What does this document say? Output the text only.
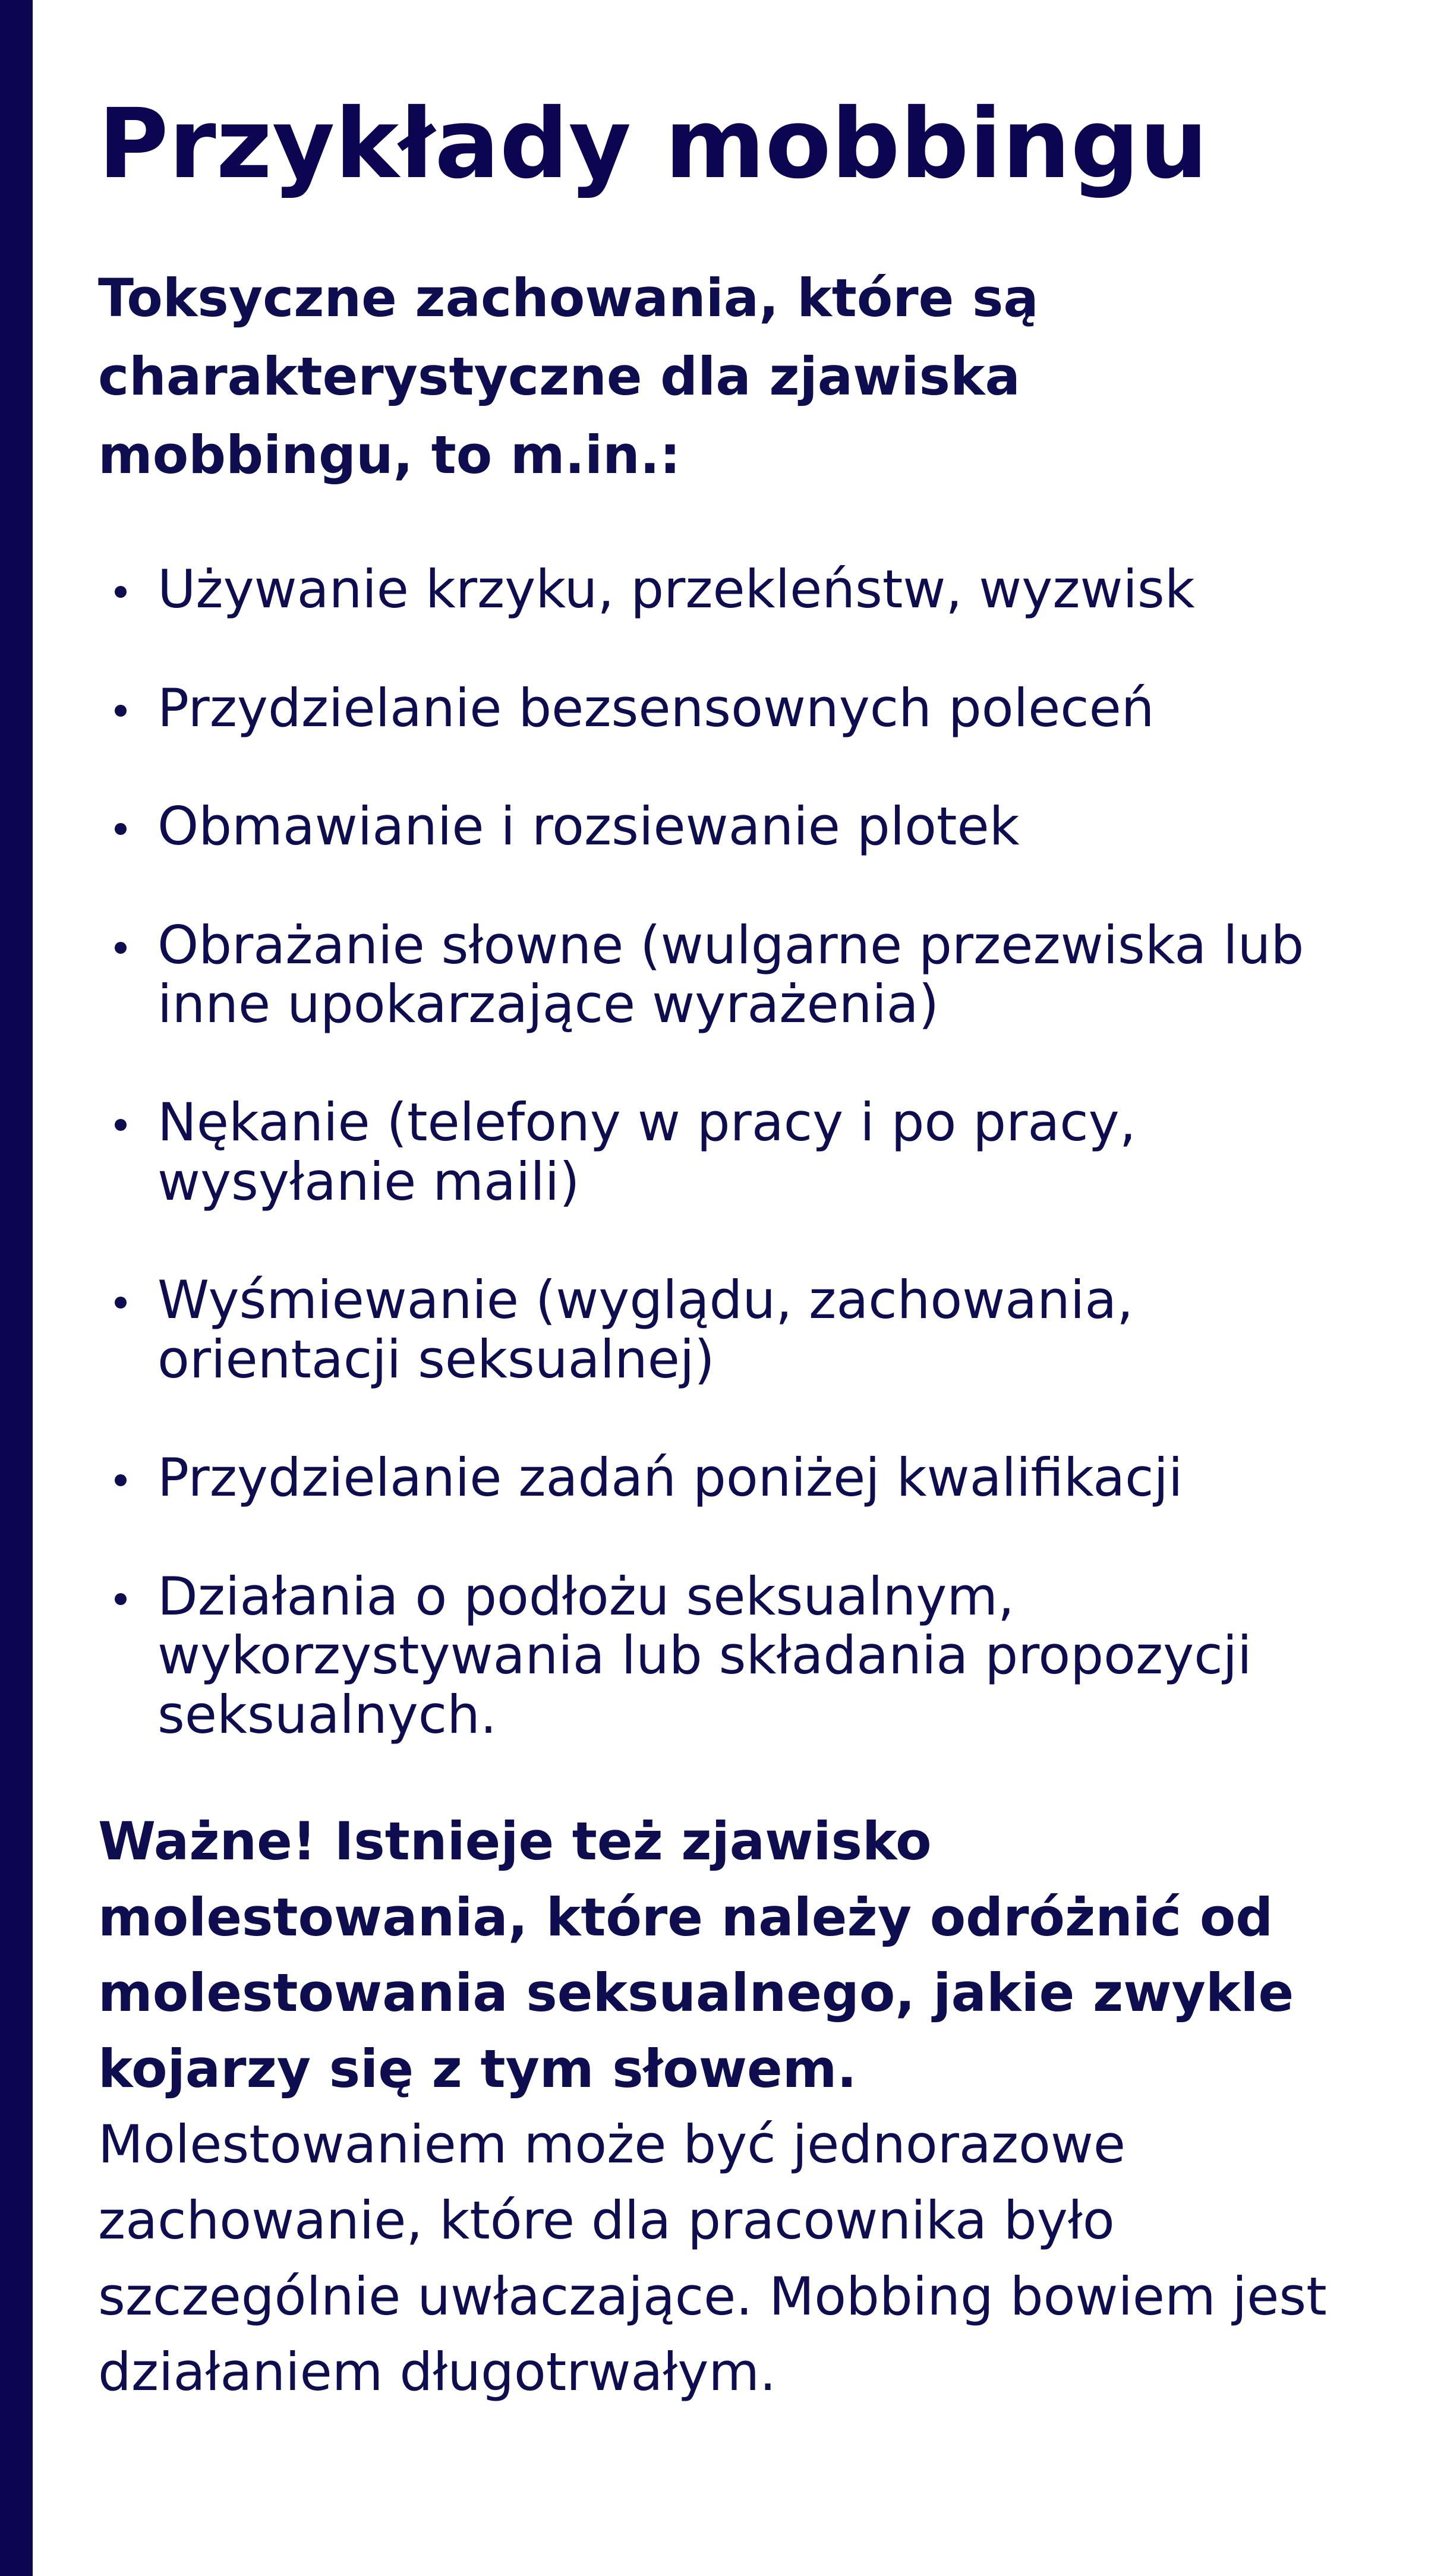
Przykłady mobbingu

Toksyczne zachowania, które są charakterystyczne dla zjawiska mobbingu, to m.in.:

Używanie krzyku, przekleństw, wyzwisk
Przydzielanie bezsensownych poleceń
Obmawianie i rozsiewanie plotek
Obrażanie słowne (wulgarne przezwiska lub inne upokarzające wyrażenia)
Nękanie (telefony w pracy i po pracy, wysyłanie maili)
Wyśmiewanie (wyglądu, zachowania, orientacji seksualnej)
Przydzielanie zadań poniżej kwalifikacji
Działania o podłożu seksualnym, wykorzystywania lub składania propozycji seksualnych.

Ważne! Istnieje też zjawisko molestowania, które należy odróżnić od molestowania seksualnego, jakie zwykle kojarzy się z tym słowem.

Molestowaniem może być jednorazowe zachowanie, które dla pracownika było szczególnie uwłaczające. Mobbing bowiem jest działaniem długotrwałym.
